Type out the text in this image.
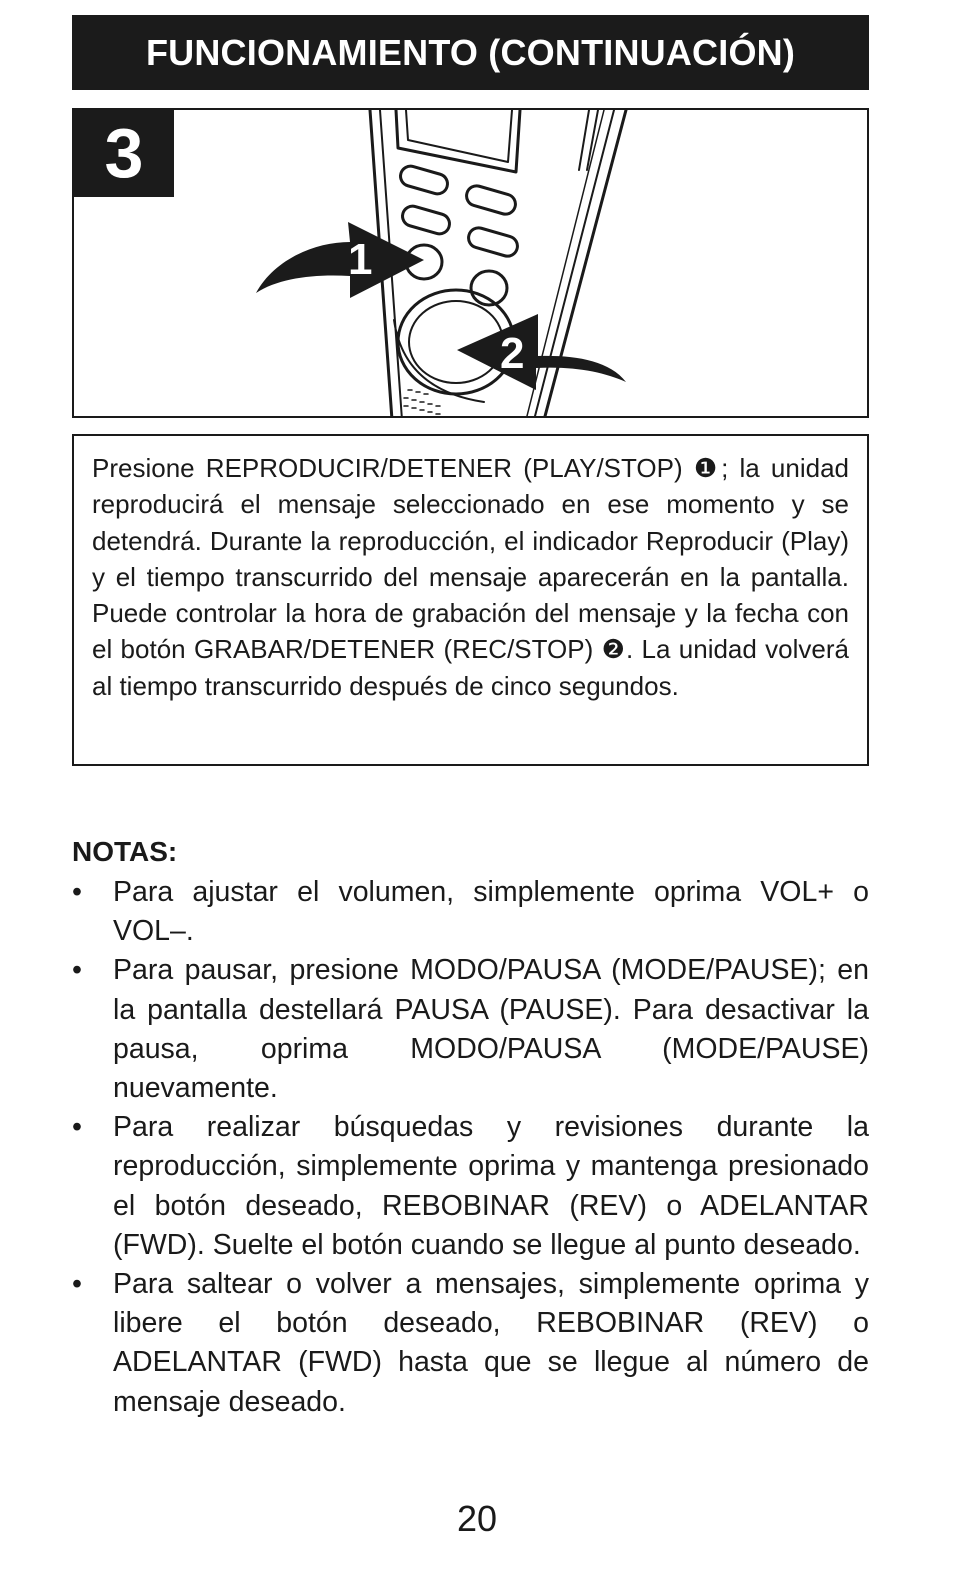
FUNCIONAMIENTO (CONTINUACIÓN)
3
1
2
Presione REPRODUCIR/DETENER (PLAY/STOP) ❶; la unidad reproducirá el mensaje seleccionado en ese momento y se detendrá. Durante la reproducción, el indicador Reproducir (Play) y el tiempo transcurrido del mensaje aparecerán en la pantalla. Puede controlar la hora de grabación del mensaje y la fecha con el botón GRABAR/DETENER (REC/STOP) ❷. La unidad volverá al tiempo transcurrido después de cinco segundos.
NOTAS:
• Para ajustar el volumen, simplemente oprima VOL+ o VOL–.
• Para pausar, presione MODO/PAUSA (MODE/PAUSE); en la pantalla destellará PAUSA (PAUSE). Para desactivar la pausa, oprima MODO/PAUSA (MODE/PAUSE) nuevamente.
• Para realizar búsquedas y revisiones durante la reproducción, simplemente oprima y mantenga presionado el botón deseado, REBOBINAR (REV) o ADELANTAR (FWD). Suelte el botón cuando se llegue al punto deseado.
• Para saltear o volver a mensajes, simplemente oprima y libere el botón deseado, REBOBINAR (REV) o ADELANTAR (FWD) hasta que se llegue al número de mensaje deseado.
20
